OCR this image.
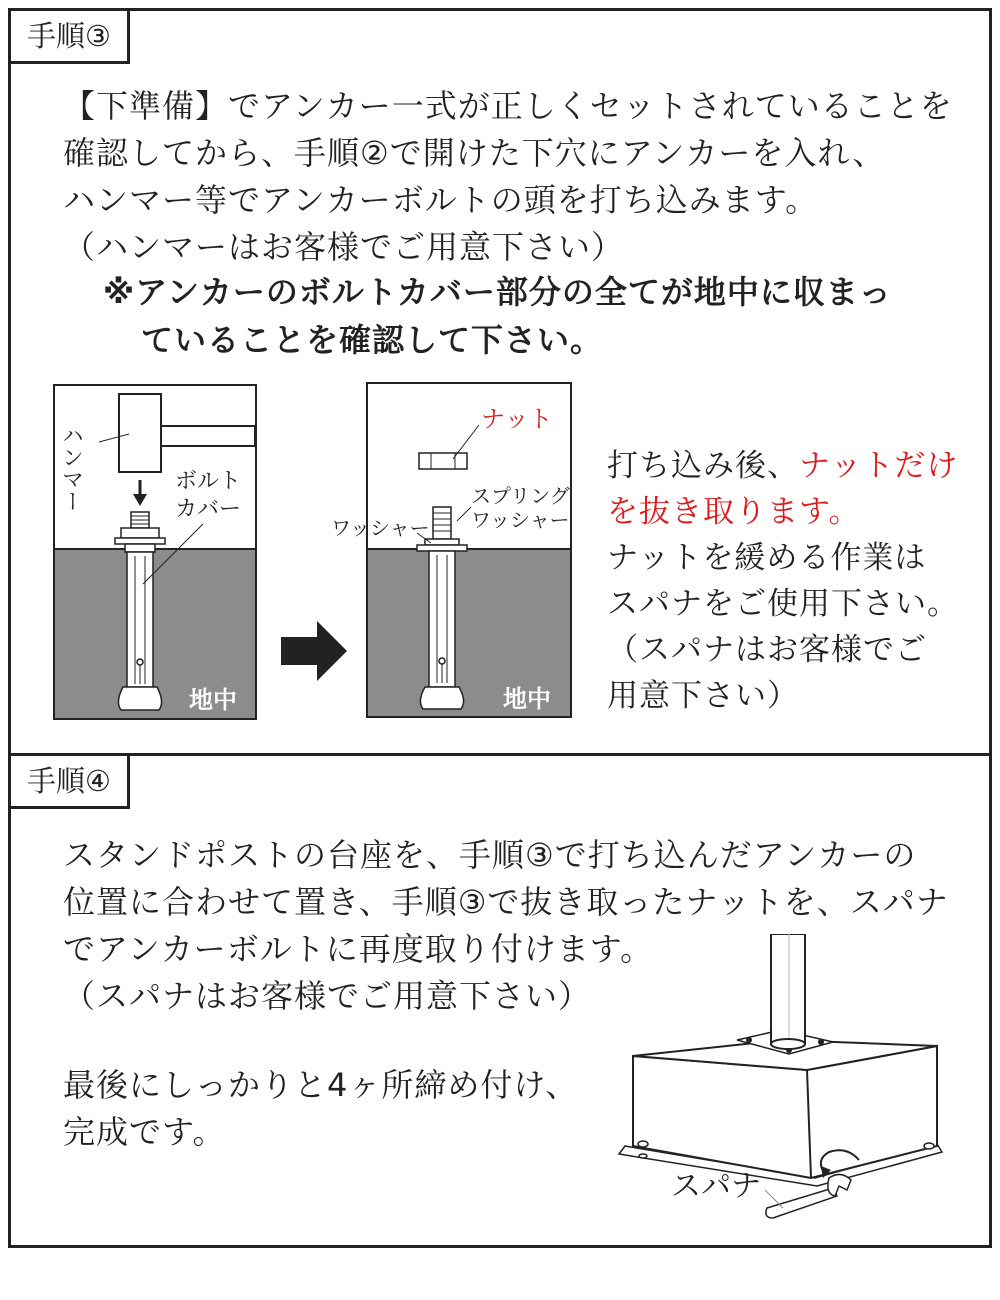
手順③
【下準備】でアンカー一式が正しくセットされていることを
確認してから、手順②で開けた下穴にアンカーを入れ、
ハンマー等でアンカーボルトの頭を打ち込みます。
（ハンマーはお客様でご用意下さい）
※アンカーのボルトカバー部分の全てが地中に収まっ
ていることを確認して下さい。
ハンマー	ボルト
カバー
地中
ナット
ワッシャー
スプリング
ワッシャー
地中
打ち込み後、ナットだけ
を抜き取ります。
ナットを緩める作業は
スパナをご使用下さい。
（スパナはお客様でご
用意下さい）
手順④
スタンドポストの台座を、手順③で打ち込んだアンカーの
位置に合わせて置き、手順③で抜き取ったナットを、スパナ
でアンカーボルトに再度取り付けます。
（スパナはお客様でご用意下さい）
最後にしっかりと4ヶ所締め付け、
完成です。
スパナ
